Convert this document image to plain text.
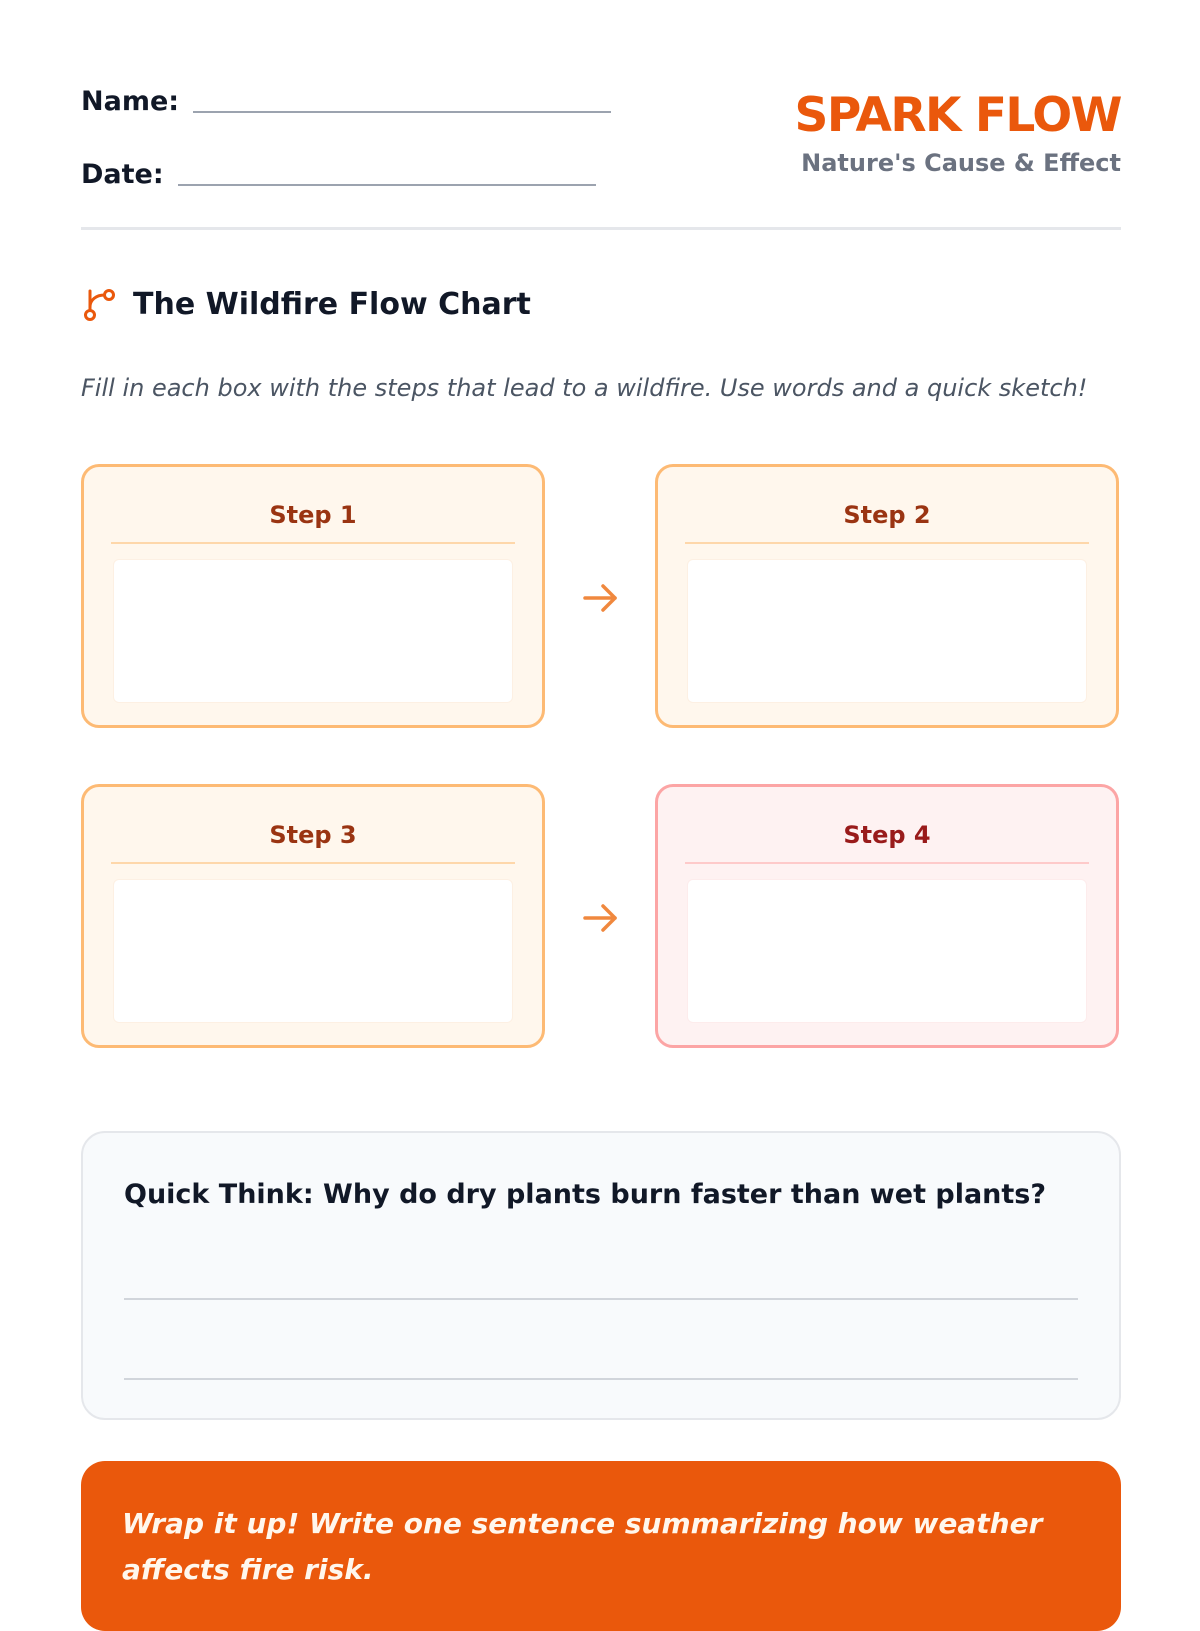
Name:
Date:
SPARK FLOW
Nature's Cause & Effect
The Wildfire Flow Chart
Fill in each box with the steps that lead to a wildfire. Use words and a quick sketch!
Step 1	Step 2
Step 3	Step 4
Quick Think: Why do dry plants burn faster than wet plants?
Wrap it up! Write one sentence summarizing how weather affects fire risk.
